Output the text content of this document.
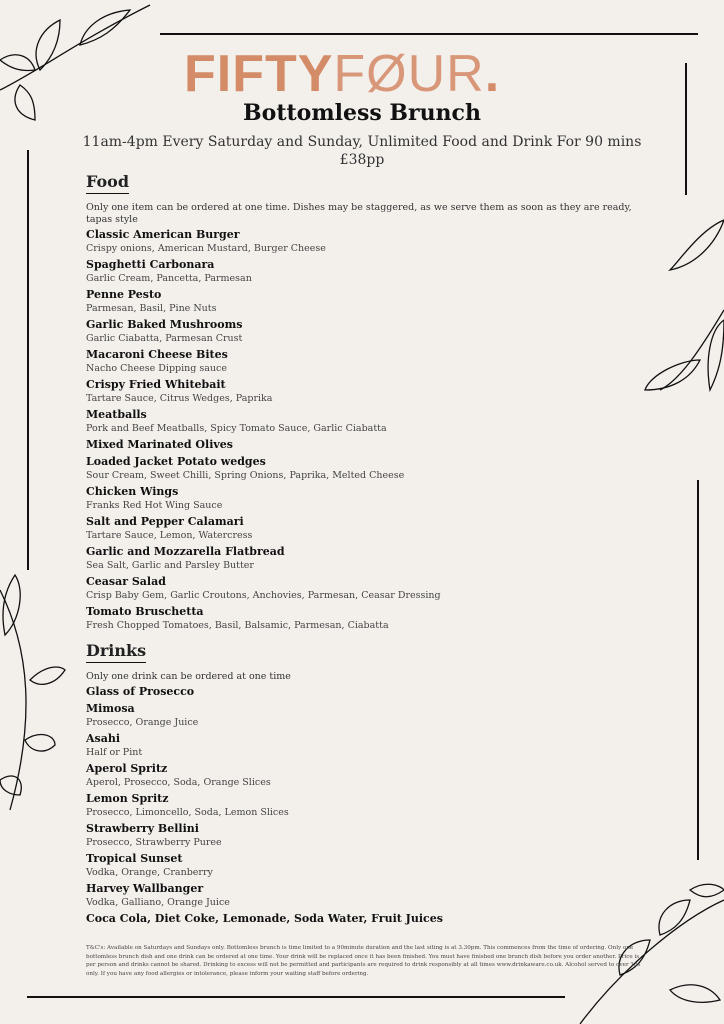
FIFTYFØUR.
Bottomless Brunch
11am-4pm Every Saturday and Sunday, Unlimited Food and Drink For 90 mins
£38pp
Food
Only one item can be ordered at one time. Dishes may be staggered, as we serve them as soon as they are ready, tapas style
Classic American Burger
Crispy onions, American Mustard, Burger Cheese
Spaghetti Carbonara
Garlic Cream, Pancetta, Parmesan
Penne Pesto
Parmesan, Basil, Pine Nuts
Garlic Baked Mushrooms
Garlic Ciabatta, Parmesan Crust
Macaroni Cheese Bites
Nacho Cheese Dipping sauce
Crispy Fried Whitebait
Tartare Sauce, Citrus Wedges, Paprika
Meatballs
Pork and Beef Meatballs, Spicy Tomato Sauce, Garlic Ciabatta
Mixed Marinated Olives
Loaded Jacket Potato wedges
Sour Cream, Sweet Chilli, Spring Onions, Paprika, Melted Cheese
Chicken Wings
Franks Red Hot Wing Sauce
Salt and Pepper Calamari
Tartare Sauce, Lemon, Watercress
Garlic and Mozzarella Flatbread
Sea Salt, Garlic and Parsley Butter
Ceasar Salad
Crisp Baby Gem, Garlic Croutons, Anchovies, Parmesan, Ceasar Dressing
Tomato Bruschetta
Fresh Chopped Tomatoes, Basil, Balsamic, Parmesan, Ciabatta
Drinks
Only one drink can be ordered at one time
Glass of Prosecco
Mimosa
Prosecco, Orange Juice
Asahi
Half or Pint
Aperol Spritz
Aperol, Prosecco, Soda, Orange Slices
Lemon Spritz
Prosecco, Limoncello, Soda, Lemon Slices
Strawberry Bellini
Prosecco, Strawberry Puree
Tropical Sunset
Vodka, Orange, Cranberry
Harvey Wallbanger
Vodka, Galliano, Orange Juice
Coca Cola, Diet Coke, Lemonade, Soda Water, Fruit Juices
T&C's: Available on Saturdays and Sundays only. Bottomless brunch is time limited to a 90minute duration and the last siting is at 3.30pm. This commences from the time of ordering. Only one bottomless brunch dish and one drink can be ordered at one time. Your drink will be replaced once it has been finished. You must have finished one brunch dish before you order another. Price is per person and drinks cannot be shared. Drinking to excess will not be permitted and participants are required to drink responsibly at all times www.drinkaware.co.uk. Alcohol served to over 18s only. If you have any food allergies or intolerance, please inform your waiting staff before ordering.
